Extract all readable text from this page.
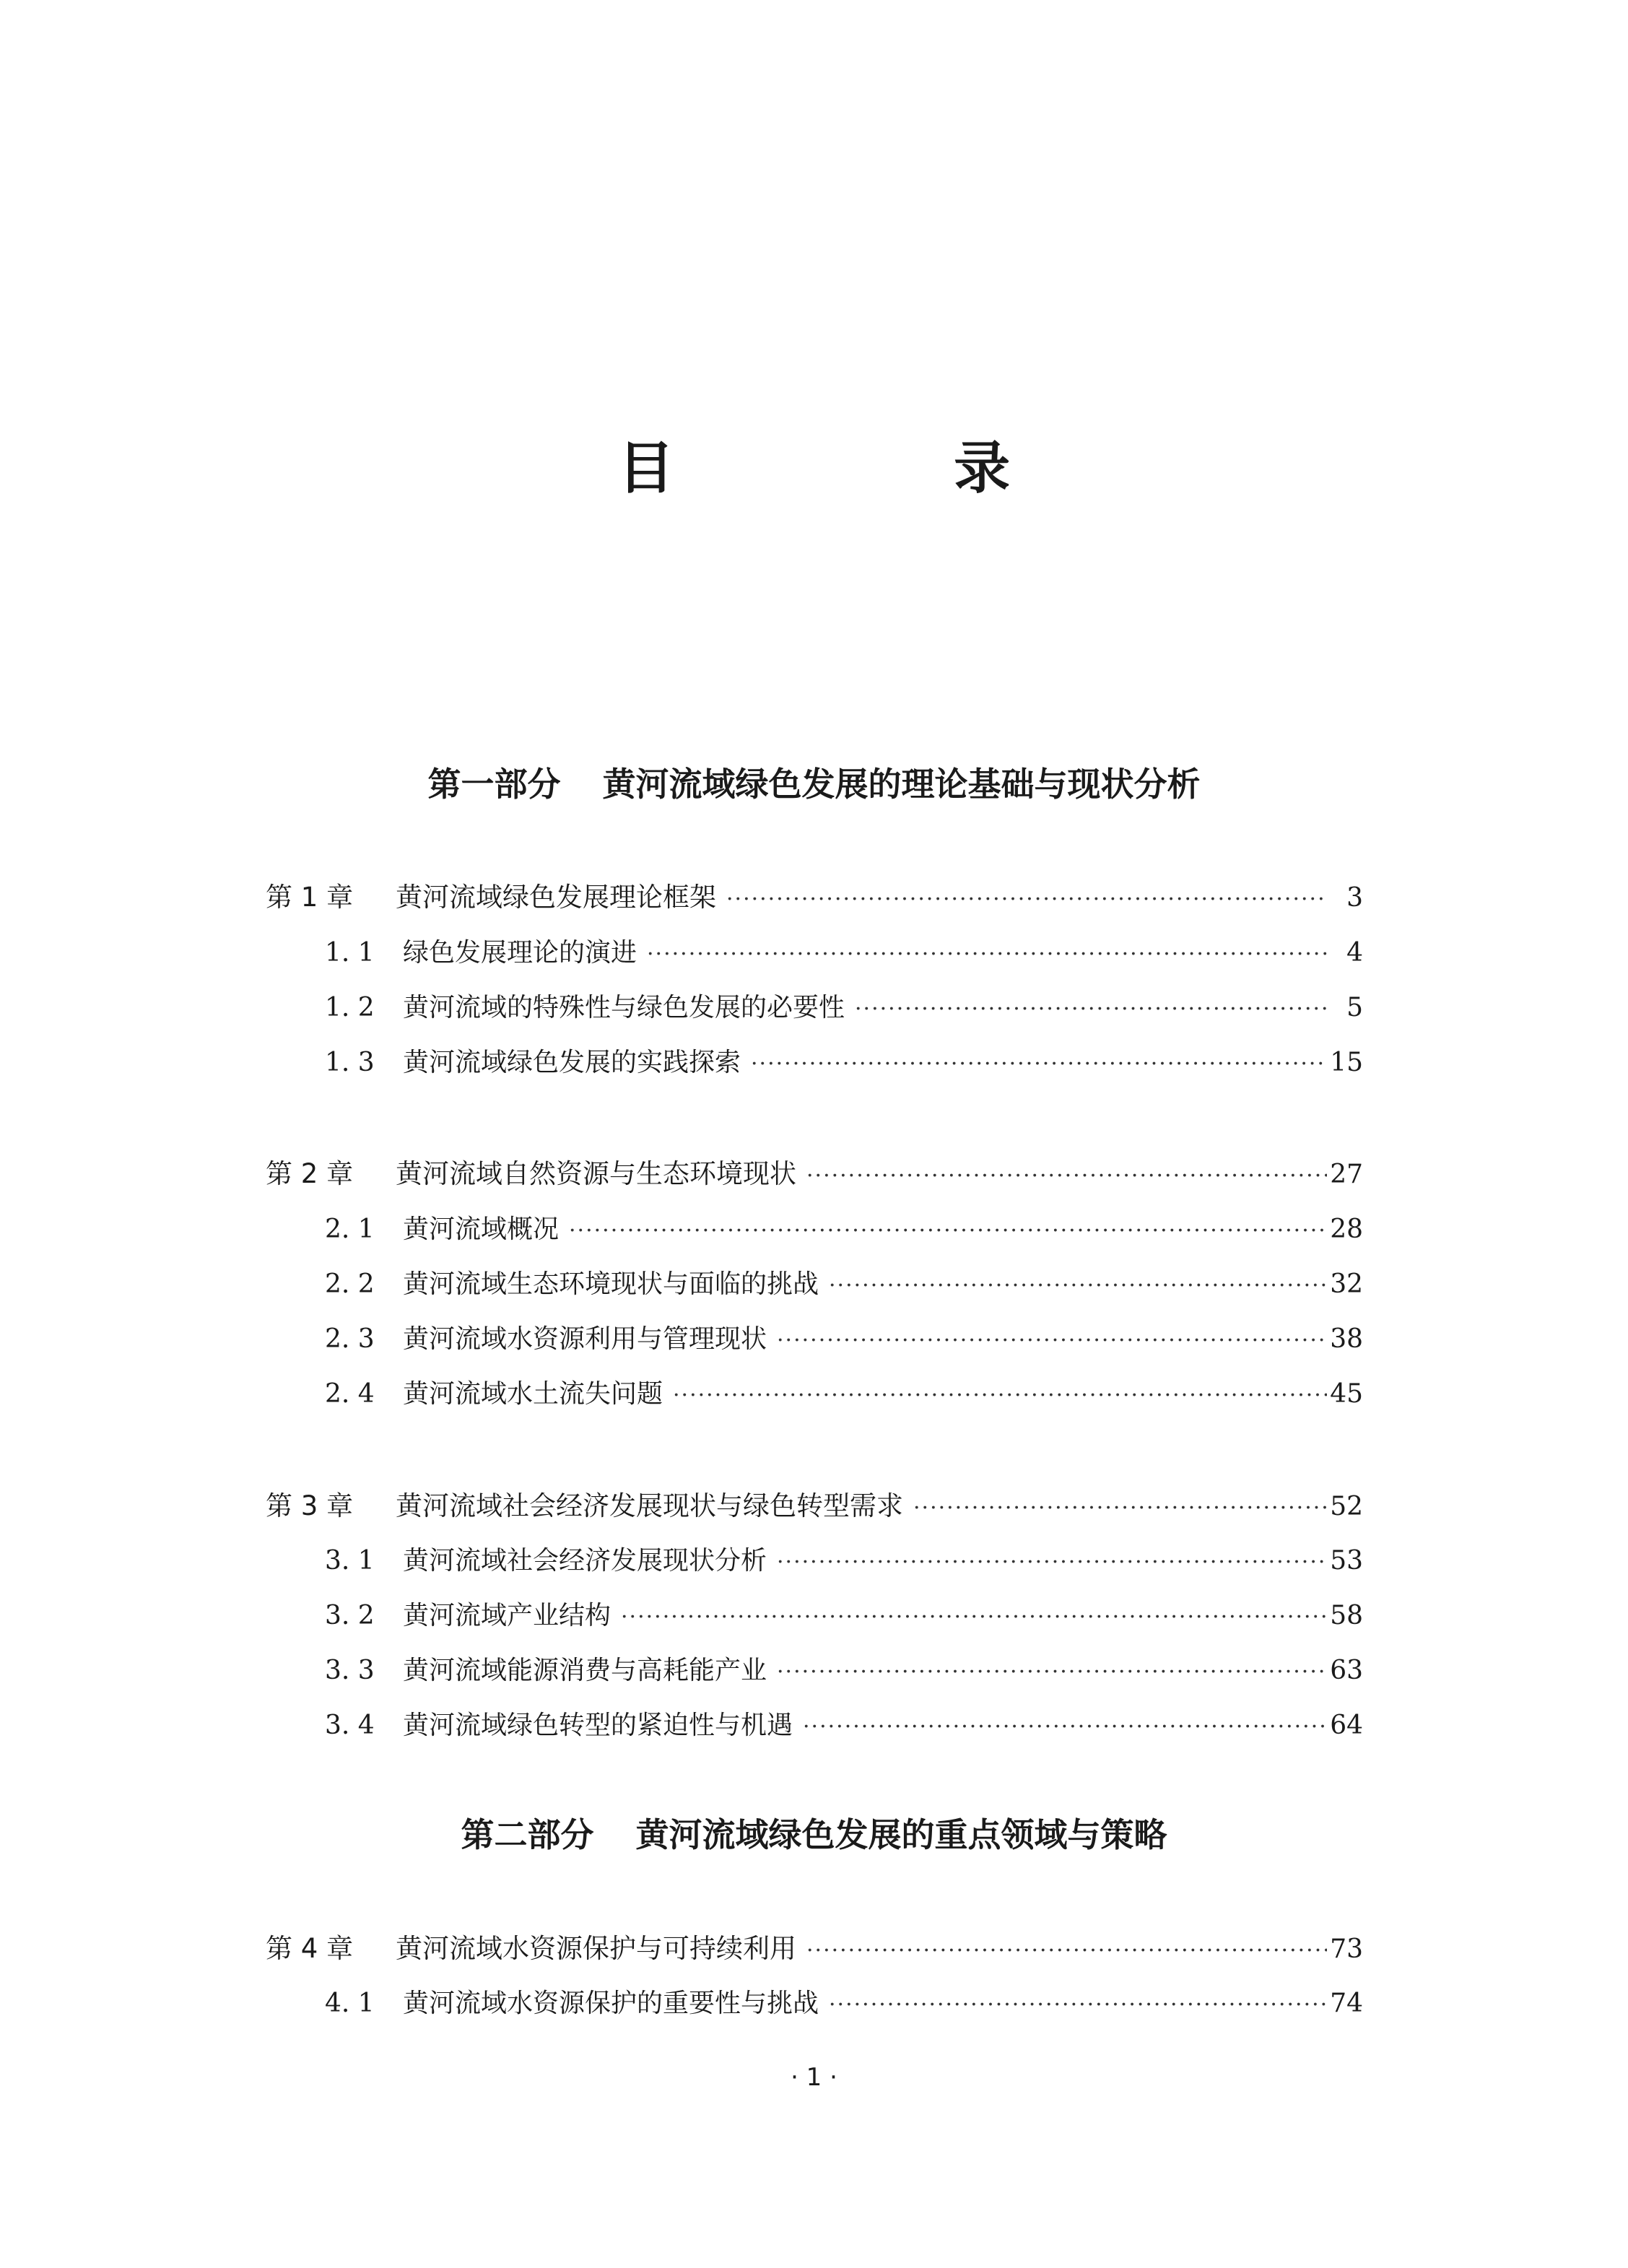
目 录
第一部分 黄河流域绿色发展的理论基础与现状分析
第 1 章	黄河流域绿色发展理论框架 ·····	3
1. 1	绿色发展理论的演进 ·····	4
1. 2	黄河流域的特殊性与绿色发展的必要性 ·····	5
1. 3	黄河流域绿色发展的实践探索 ·····	15
第 2 章	黄河流域自然资源与生态环境现状 ·····	27
2. 1	黄河流域概况 ·····	28
2. 2	黄河流域生态环境现状与面临的挑战 ·····	32
2. 3	黄河流域水资源利用与管理现状 ·····	38
2. 4	黄河流域水土流失问题 ·····	45
第 3 章	黄河流域社会经济发展现状与绿色转型需求 ·····	52
3. 1	黄河流域社会经济发展现状分析 ·····	53
3. 2	黄河流域产业结构 ·····	58
3. 3	黄河流域能源消费与高耗能产业 ·····	63
3. 4	黄河流域绿色转型的紧迫性与机遇 ·····	64
第二部分 黄河流域绿色发展的重点领域与策略
第 4 章	黄河流域水资源保护与可持续利用 ·····	73
4. 1	黄河流域水资源保护的重要性与挑战 ·····	74
· 1 ·
